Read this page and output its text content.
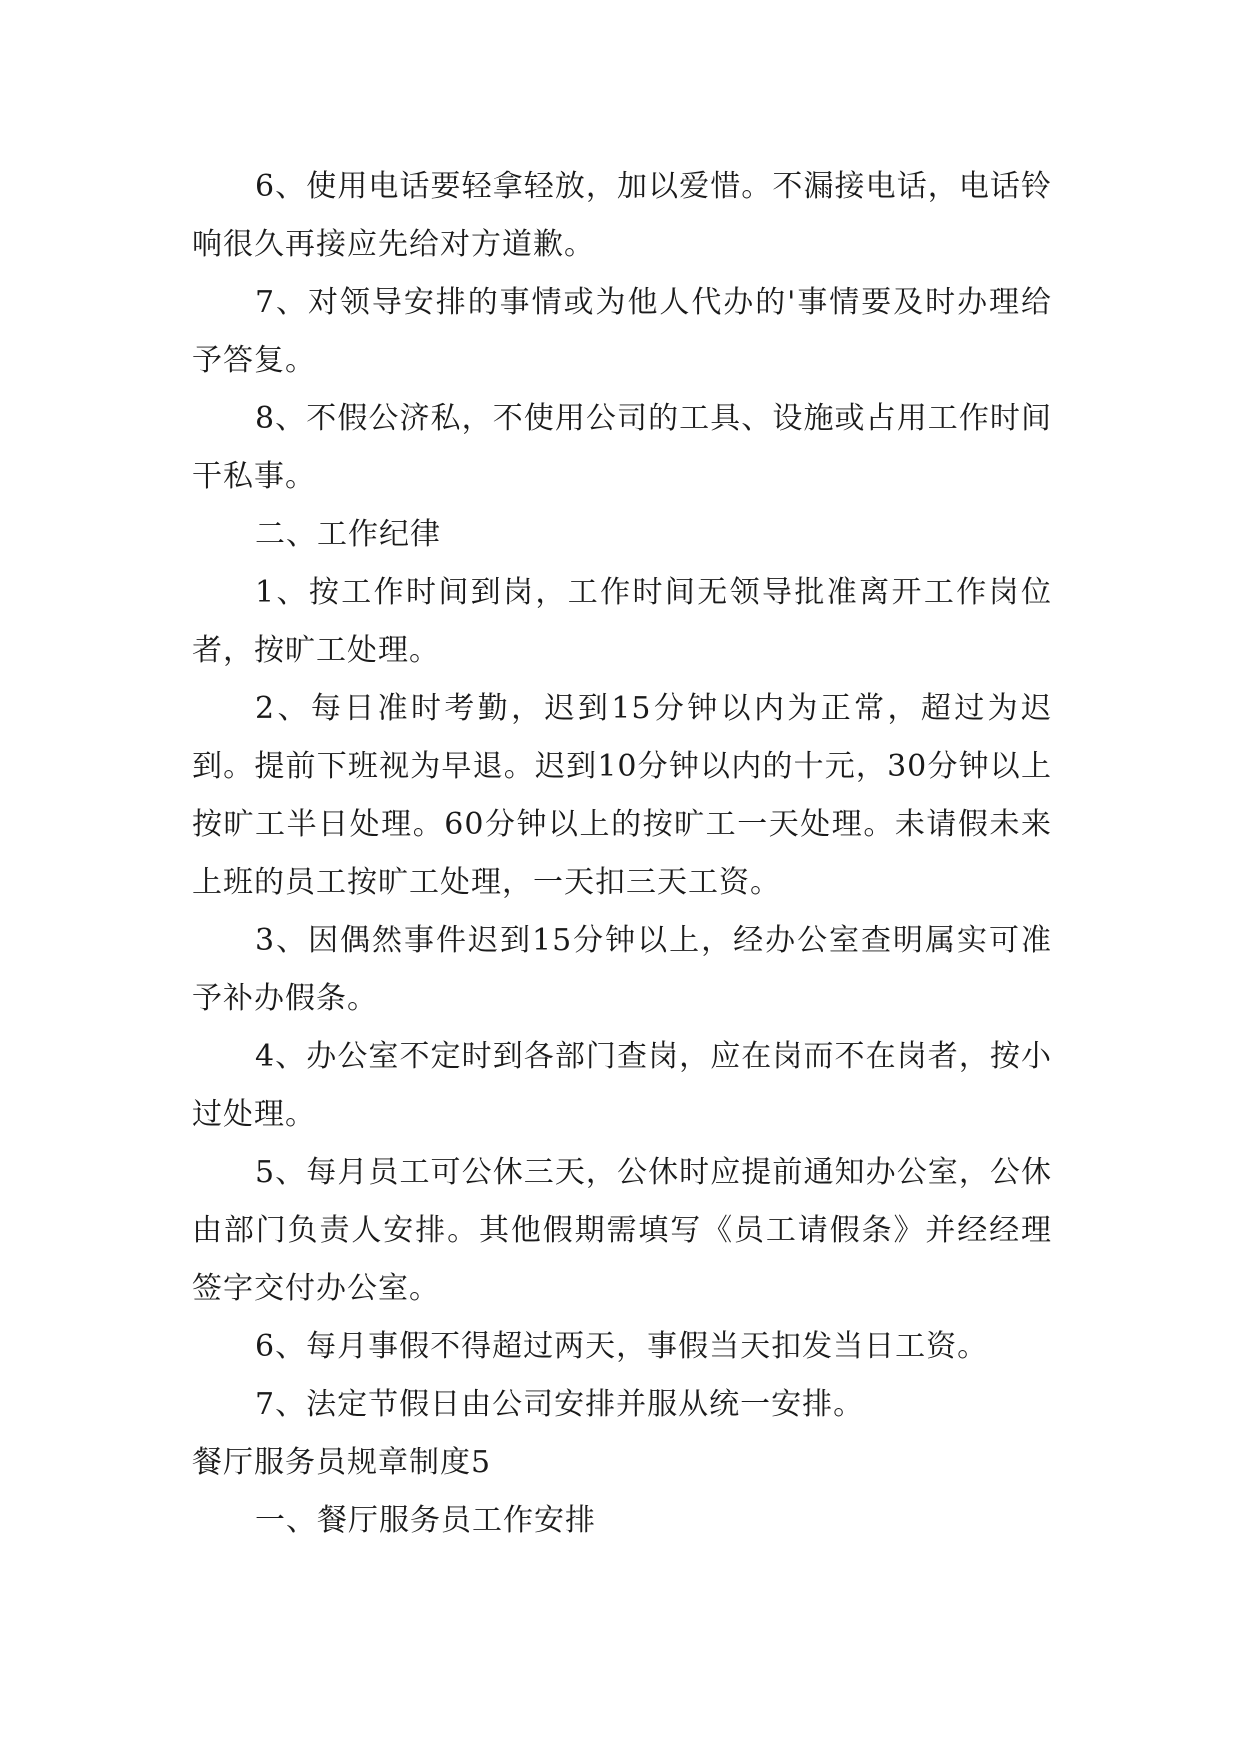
6、使用电话要轻拿轻放，加以爱惜。不漏接电话，电话铃响很久再接应先给对方道歉。

7、对领导安排的事情或为他人代办的'事情要及时办理给予答复。

8、不假公济私，不使用公司的工具、设施或占用工作时间干私事。

二、工作纪律

1、按工作时间到岗，工作时间无领导批准离开工作岗位者，按旷工处理。

2、每日准时考勤，迟到15分钟以内为正常，超过为迟到。提前下班视为早退。迟到10分钟以内的十元，30分钟以上按旷工半日处理。60分钟以上的按旷工一天处理。未请假未来上班的员工按旷工处理，一天扣三天工资。

3、因偶然事件迟到15分钟以上，经办公室查明属实可准予补办假条。

4、办公室不定时到各部门查岗，应在岗而不在岗者，按小过处理。

5、每月员工可公休三天，公休时应提前通知办公室，公休由部门负责人安排。其他假期需填写《员工请假条》并经经理签字交付办公室。

6、每月事假不得超过两天，事假当天扣发当日工资。

7、法定节假日由公司安排并服从统一安排。

餐厅服务员规章制度5

一、餐厅服务员工作安排
